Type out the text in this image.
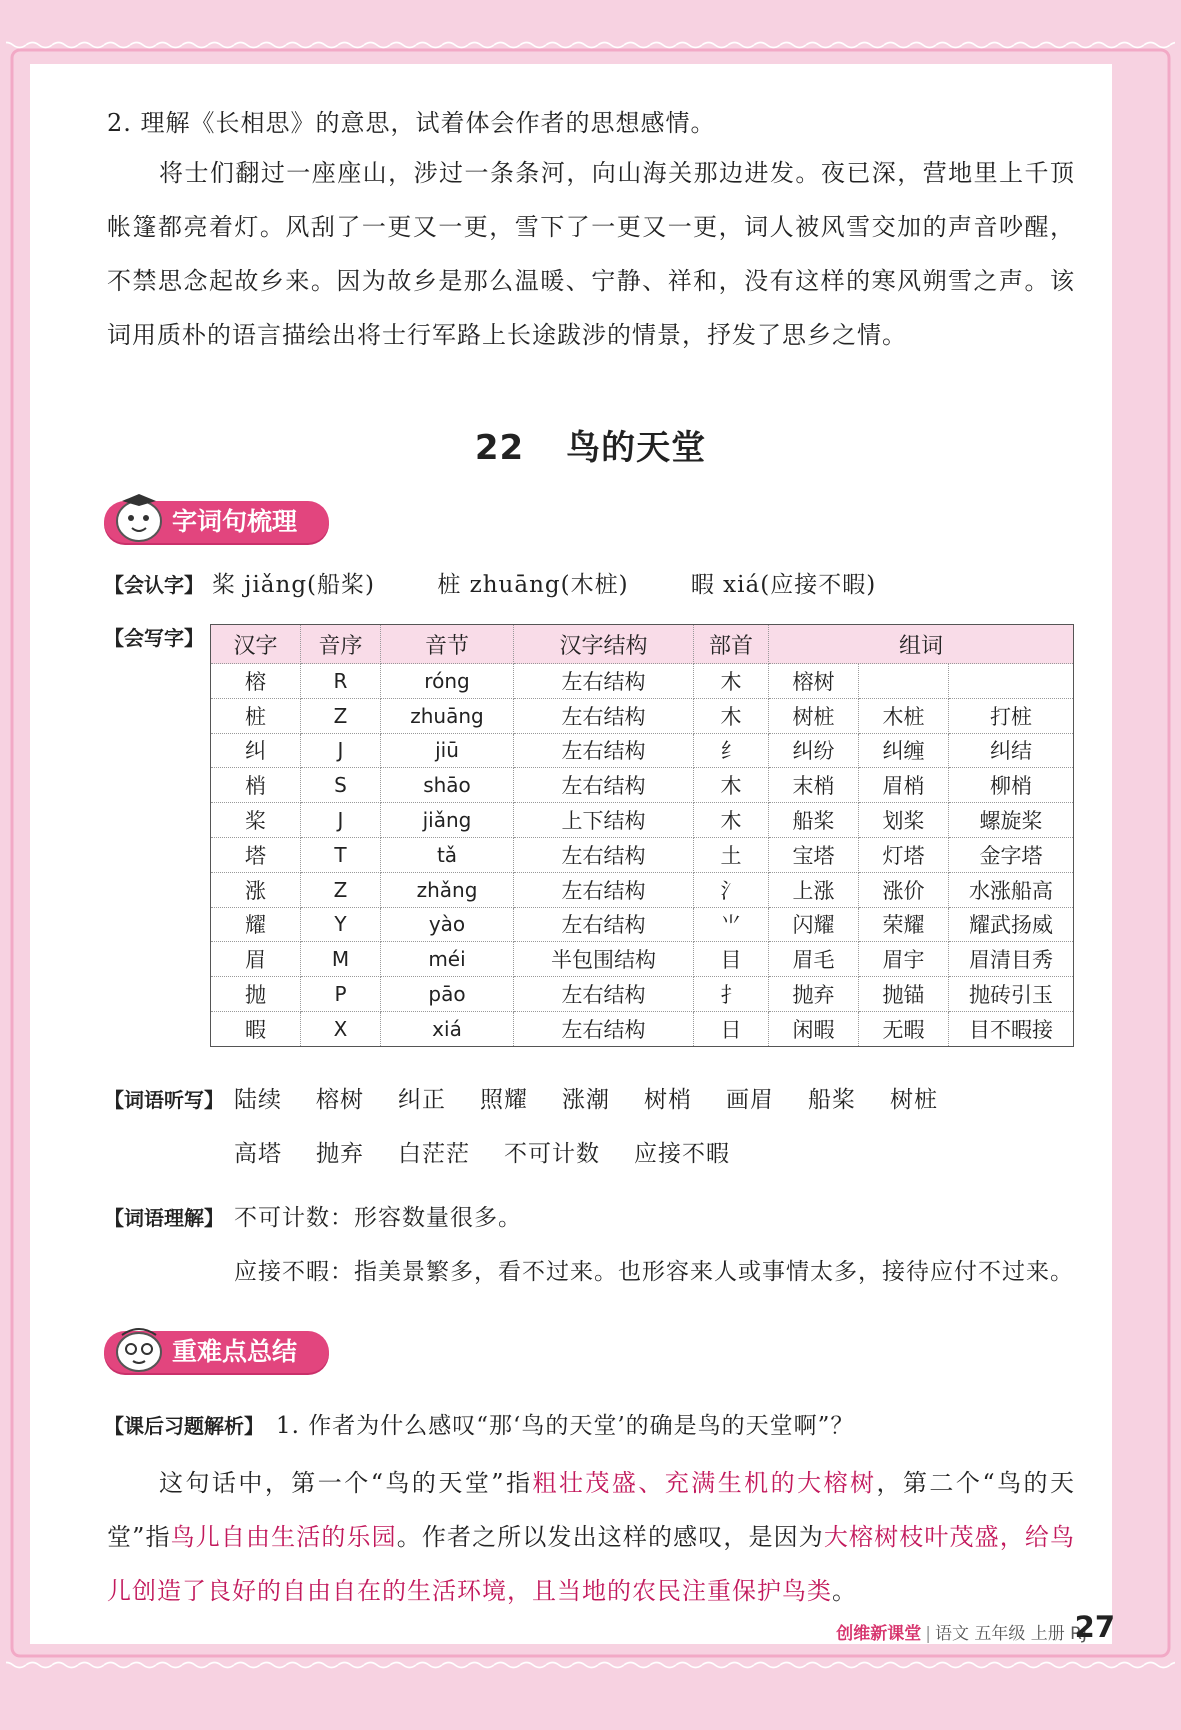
2. 理解《长相思》的意思，试着体会作者的思想感情。
将士们翻过一座座山，涉过一条条河，向山海关那边进发。夜已深，营地里上千顶帐篷都亮着灯。风刮了一更又一更，雪下了一更又一更，词人被风雪交加的声音吵醒，不禁思念起故乡来。因为故乡是那么温暖、宁静、祥和，没有这样的寒风朔雪之声。该词用质朴的语言描绘出将士行军路上长途跋涉的情景，抒发了思乡之情。
22 鸟的天堂
字词句梳理
【会认字】 桨 jiǎng(船桨)	桩 zhuāng(木桩)	暇 xiá(应接不暇)
【会写字】 汉字	音序	音节	汉字结构	部首	组词		
榕	R	róng	左右结构	木	榕树		
桩	Z	zhuāng	左右结构	木	树桩	木桩	打桩
纠	J	jiū	左右结构	纟	纠纷	纠缠	纠结
梢	S	shāo	左右结构	木	末梢	眉梢	柳梢
桨	J	jiǎng	上下结构	木	船桨	划桨	螺旋桨
塔	T	tǎ	左右结构	土	宝塔	灯塔	金字塔
涨	Z	zhǎng	左右结构	氵	上涨	涨价	水涨船高
耀	Y	yào	左右结构	⺌	闪耀	荣耀	耀武扬威
眉	M	méi	半包围结构	目	眉毛	眉宇	眉清目秀
抛	P	pāo	左右结构	扌	抛弃	抛锚	抛砖引玉
暇	X	xiá	左右结构	日	闲暇	无暇	目不暇接
【词语听写】 陆续 榕树 纠正 照耀 涨潮 树梢 画眉 船桨 树桩
高塔 抛弃 白茫茫 不可计数 应接不暇
【词语理解】 不可计数：形容数量很多。
应接不暇：指美景繁多，看不过来。也形容来人或事情太多，接待应付不过来。
重难点总结
【课后习题解析】 1. 作者为什么感叹“那‘鸟的天堂’的确是鸟的天堂啊”？
这句话中，第一个“鸟的天堂”指粗壮茂盛、充满生机的大榕树，第二个“鸟的天堂”指鸟儿自由生活的乐园。作者之所以发出这样的感叹，是因为大榕树枝叶茂盛，给鸟儿创造了良好的自由自在的生活环境，且当地的农民注重保护鸟类。
创维新课堂 | 语文 五年级 上册 RJ
27
